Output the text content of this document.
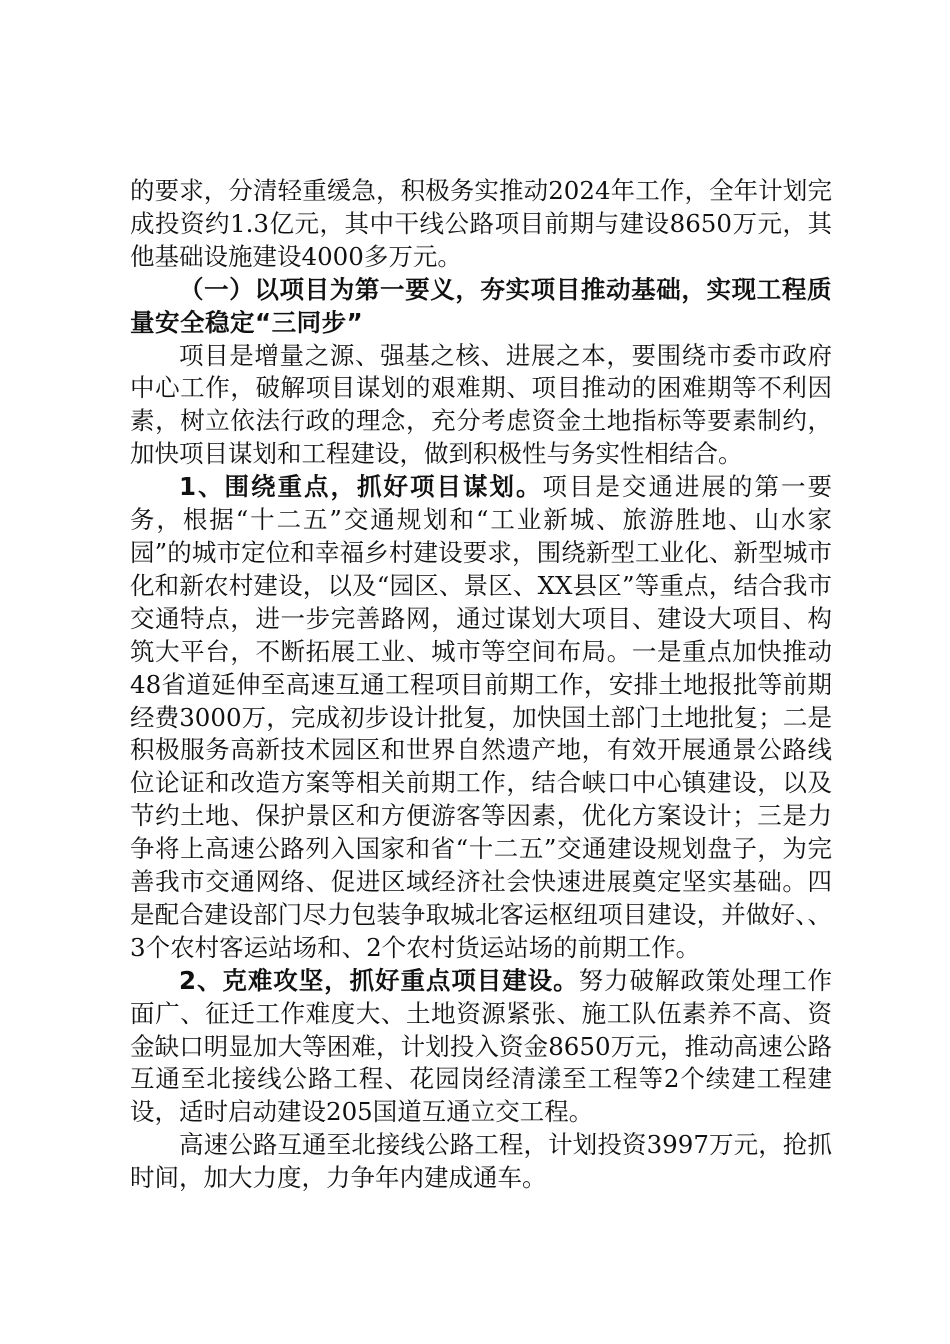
的要求，分清轻重缓急，积极务实推动2024年工作，全年计划完成投资约1.3亿元，其中干线公路项目前期与建设8650万元，其他基础设施建设4000多万元。

（一）以项目为第一要义，夯实项目推动基础，实现工程质量安全稳定“三同步”

项目是增量之源、强基之核、进展之本，要围绕市委市政府中心工作，破解项目谋划的艰难期、项目推动的困难期等不利因素，树立依法行政的理念，充分考虑资金土地指标等要素制约，加快项目谋划和工程建设，做到积极性与务实性相结合。

1、围绕重点，抓好项目谋划。项目是交通进展的第一要务，根据“十二五”交通规划和“工业新城、旅游胜地、山水家园”的城市定位和幸福乡村建设要求，围绕新型工业化、新型城市化和新农村建设，以及“园区、景区、XX县区”等重点，结合我市交通特点，进一步完善路网，通过谋划大项目、建设大项目、构筑大平台，不断拓展工业、城市等空间布局。一是重点加快推动48省道延伸至高速互通工程项目前期工作，安排土地报批等前期经费3000万，完成初步设计批复，加快国土部门土地批复；二是积极服务高新技术园区和世界自然遗产地，有效开展通景公路线位论证和改造方案等相关前期工作，结合峡口中心镇建设，以及节约土地、保护景区和方便游客等因素，优化方案设计；三是力争将上高速公路列入国家和省“十二五”交通建设规划盘子，为完善我市交通网络、促进区域经济社会快速进展奠定坚实基础。四是配合建设部门尽力包装争取城北客运枢纽项目建设，并做好、、3个农村客运站场和、2个农村货运站场的前期工作。

2、克难攻坚，抓好重点项目建设。努力破解政策处理工作面广、征迁工作难度大、土地资源紧张、施工队伍素养不高、资金缺口明显加大等困难，计划投入资金8650万元，推动高速公路互通至北接线公路工程、花园岗经清漾至工程等2个续建工程建设，适时启动建设205国道互通立交工程。

高速公路互通至北接线公路工程，计划投资3997万元，抢抓时间，加大力度，力争年内建成通车。
